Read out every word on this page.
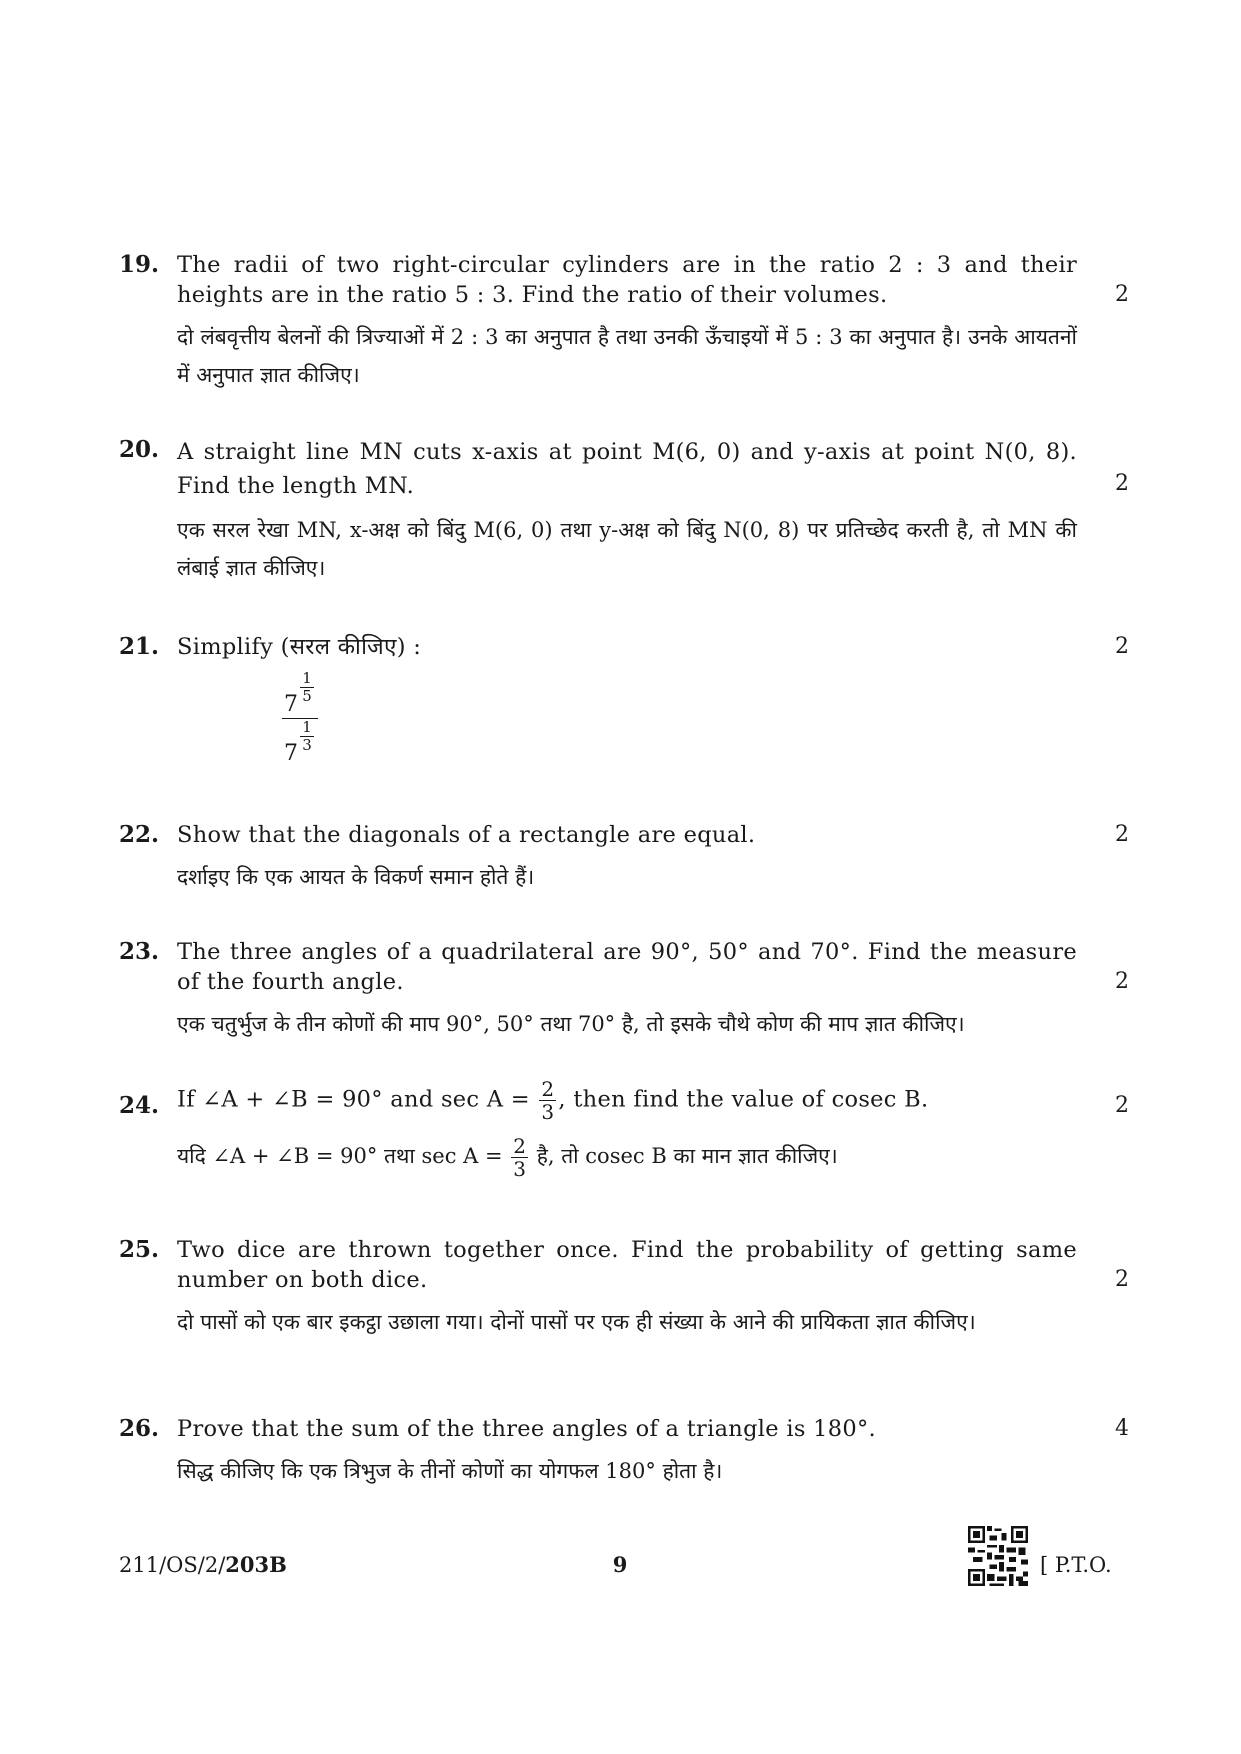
19. The radii of two right-circular cylinders are in the ratio 2 : 3 and their heights are in the ratio 5 : 3. Find the ratio of their volumes.
दो लंबवृत्तीय बेलनों की त्रिज्याओं में 2 : 3 का अनुपात है तथा उनकी ऊँचाइयों में 5 : 3 का अनुपात है। उनके आयतनों में अनुपात ज्ञात कीजिए।
2
20. A straight line MN cuts x-axis at point M(6, 0) and y-axis at point N(0, 8). Find the length MN.
एक सरल रेखा MN, x-अक्ष को बिंदु M(6, 0) तथा y-अक्ष को बिंदु N(0, 8) पर प्रतिच्छेद करती है, तो MN की लंबाई ज्ञात कीजिए।
2
21. Simplify (सरल कीजिए) :	2
$7 \frac{1}{5}$
$7 \frac{1}{3}$
22. Show that the diagonals of a rectangle are equal.
दर्शाइए कि एक आयत के विकर्ण समान होते हैं।
2
23. The three angles of a quadrilateral are 90°, 50° and 70°. Find the measure of the fourth angle.
एक चतुर्भुज के तीन कोणों की माप 90°, 50° तथा 70° है, तो इसके चौथे कोण की माप ज्ञात कीजिए।
2
24. If ∠A + ∠B = 90° and $\sec A = \frac{2}{3}$ , then find the value of cosec B.
यदि ∠A + ∠B = 90° तथा $\sec A = \frac{2}{3}$ है, तो cosec B का मान ज्ञात कीजिए।
2
25. Two dice are thrown together once. Find the probability of getting same number on both dice.
दो पासों को एक बार इकट्ठा उछाला गया। दोनों पासों पर एक ही संख्या के आने की प्रायिकता ज्ञात कीजिए।
2
26. Prove that the sum of the three angles of a triangle is 180°.
सिद्ध कीजिए कि एक त्रिभुज के तीनों कोणों का योगफल 180° होता है।
4
211/OS/2/203B	9	[ P.T.O.
